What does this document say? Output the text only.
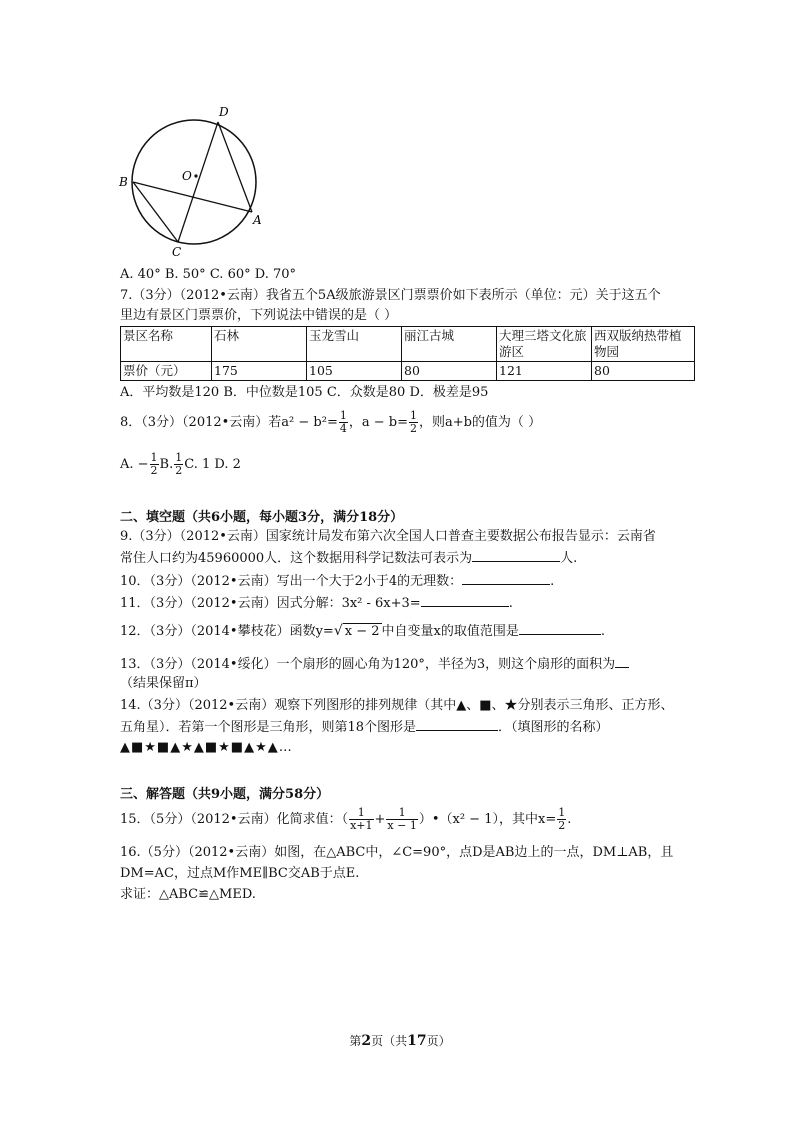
D
B	O
A
C
A. 40° B. 50° C. 60° D. 70°
7.（3分）（2012•云南）我省五个5A级旅游景区门票票价如下表所示（单位：元）关于这五个
里边有景区门票票价，下列说法中错误的是（ ）
景区名称	石林	玉龙雪山	丽江古城	大理三塔文化旅游区	西双版纳热带植物园
票价（元）	175	105	80	121	80
A．平均数是120 B．中位数是105 C．众数是80 D．极差是95
8．（3分）（2012•云南）若$a^2 - b^2= \frac{1}{4}$ ，$a - b= \frac{1}{2}$ ，则a+b的值为（ ）
A. − $\frac{1}{2} B$. $\frac{1}{2} C$. 1 D. 2
二、填空题（共6小题，每小题3分，满分18分）
9.（3分）（2012•云南）国家统计局发布第六次全国人口普查主要数据公布报告显示：云南省
常住人口约为45960000人．这个数据用科学记数法可表示为	人.
10．（3分）（2012•云南）写出一个大于2小于4的无理数：	.
11．（3分）（2012•云南）因式分解：3x² - 6x+3=	.
12．（3分）（2014•攀枝花）函数y=√ x − 2 中自变量x的取值范围是	.
13．（3分）（2014•绥化）一个扇形的圆心角为120°，半径为3，则这个扇形的面积为
（结果保留π）
14.（3分）（2012•云南）观察下列图形的排列规律（其中▲、■、★分别表示三角形、正方形、
五角星）．若第一个图形是三角形，则第18个图形是	．（填图形的名称）
▲■★■▲★▲■★■▲★▲…
三、解答题（共9小题，满分58分）
15．（5分）（2012•云南）化简求值：（ $\frac{1}{x+1} + \frac{1}{x - 1}$ ）•（x² − 1），其中$x= \frac{1}{2}$ .
16.（5分）（2012•云南）如图，在△ABC中，∠C=90°，点D是AB边上的一点，DM⊥AB，且
DM=AC，过点M作ME∥BC交AB于点E.
求证：△ABC≌△MED.
第2页（共17页）
